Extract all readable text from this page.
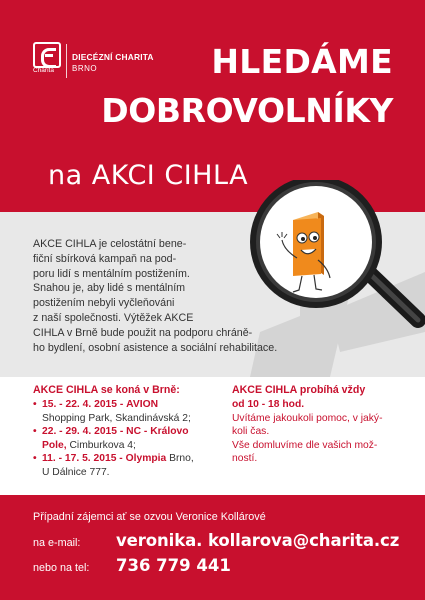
Charita
DIECÉZNÍ CHARITA
BRNO	HLEDÁME
DOBROVOLNÍKY
na AKCI CIHLA
AKCE CIHLA je celostátní bene-
fiční sbírková kampaň na pod-
poru lidí s mentálním postižením.
Snahou je, aby lidé s mentálním
postižením nebyli vyčleňováni
z naší společnosti. Výtěžek AKCE
CIHLA v Brně bude použit na podporu chráně-
ho bydlení, osobní asistence a sociální rehabilitace.
AKCE CIHLA se koná v Brně:
• 15. - 22. 4. 2015 - AVION
Shopping Park, Skandinávská 2;
• 22. - 29. 4. 2015 - NC - Královo
Pole, Cimburkova 4;
• 11. - 17. 5. 2015 - Olympia Brno,
U Dálnice 777.
AKCE CIHLA probíhá vždy
od 10 - 18 hod.
Uvítáme jakoukoli pomoc, v jaký-
koli čas.
Vše domluvíme dle vašich mož-
ností.
Případní zájemci ať se ozvou Veronice Kollárové
na e-mail: veronika. kollarova@charita.cz
nebo na tel: 736 779 441
